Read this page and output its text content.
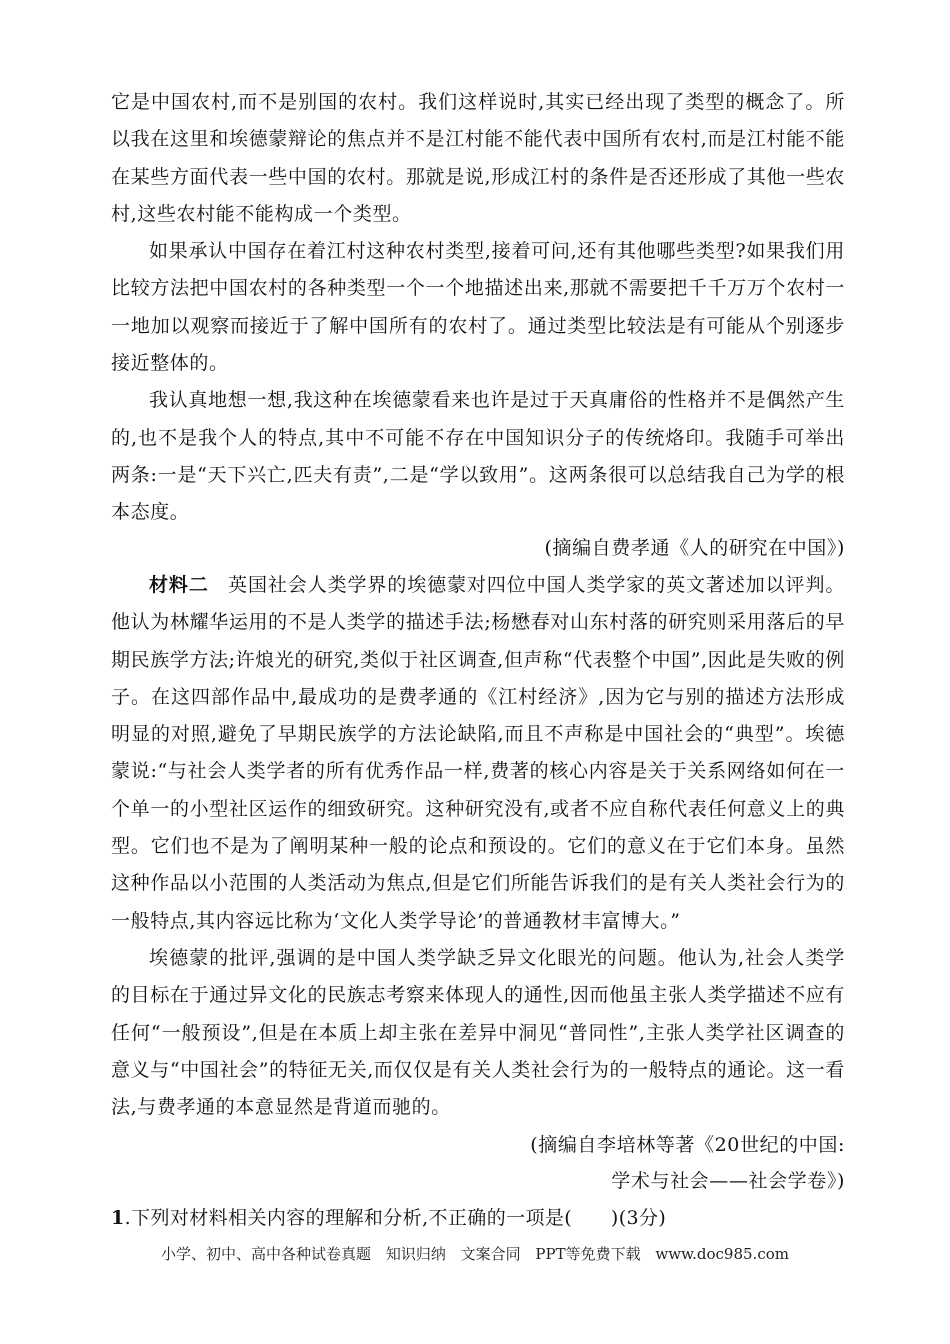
它是中国农村,而不是别国的农村。我们这样说时,其实已经出现了类型的概念了。所以我在这里和埃德蒙辩论的焦点并不是江村能不能代表中国所有农村,而是江村能不能在某些方面代表一些中国的农村。那就是说,形成江村的条件是否还形成了其他一些农村,这些农村能不能构成一个类型。

如果承认中国存在着江村这种农村类型,接着可问,还有其他哪些类型?如果我们用比较方法把中国农村的各种类型一个一个地描述出来,那就不需要把千千万万个农村一一地加以观察而接近于了解中国所有的农村了。通过类型比较法是有可能从个别逐步接近整体的。

我认真地想一想,我这种在埃德蒙看来也许是过于天真庸俗的性格并不是偶然产生的,也不是我个人的特点,其中不可能不存在中国知识分子的传统烙印。我随手可举出两条:一是“天下兴亡,匹夫有责”,二是“学以致用”。这两条很可以总结我自己为学的根本态度。

(摘编自费孝通《人的研究在中国》)

材料二 英国社会人类学界的埃德蒙对四位中国人类学家的英文著述加以评判。他认为林耀华运用的不是人类学的描述手法;杨懋春对山东村落的研究则采用落后的早期民族学方法;许烺光的研究,类似于社区调查,但声称“代表整个中国”,因此是失败的例子。在这四部作品中,最成功的是费孝通的《江村经济》,因为它与别的描述方法形成明显的对照,避免了早期民族学的方法论缺陷,而且不声称是中国社会的“典型”。埃德蒙说:“与社会人类学者的所有优秀作品一样,费著的核心内容是关于关系网络如何在一个单一的小型社区运作的细致研究。这种研究没有,或者不应自称代表任何意义上的典型。它们也不是为了阐明某种一般的论点和预设的。它们的意义在于它们本身。虽然这种作品以小范围的人类活动为焦点,但是它们所能告诉我们的是有关人类社会行为的一般特点,其内容远比称为‘文化人类学导论’的普通教材丰富博大。”

埃德蒙的批评,强调的是中国人类学缺乏异文化眼光的问题。他认为,社会人类学的目标在于通过异文化的民族志考察来体现人的通性,因而他虽主张人类学描述不应有任何“一般预设”,但是在本质上却主张在差异中洞见“普同性”,主张人类学社区调查的意义与“中国社会”的特征无关,而仅仅是有关人类社会行为的一般特点的通论。这一看法,与费孝通的本意显然是背道而驰的。

(摘编自李培林等著《20世纪的中国:
学术与社会——社会学卷》)
1.下列对材料相关内容的理解和分析,不正确的一项是(　　)(3分)
小学、初中、高中各种试卷真题 知识归纳 文案合同 PPT等免费下载 www.doc985.com
